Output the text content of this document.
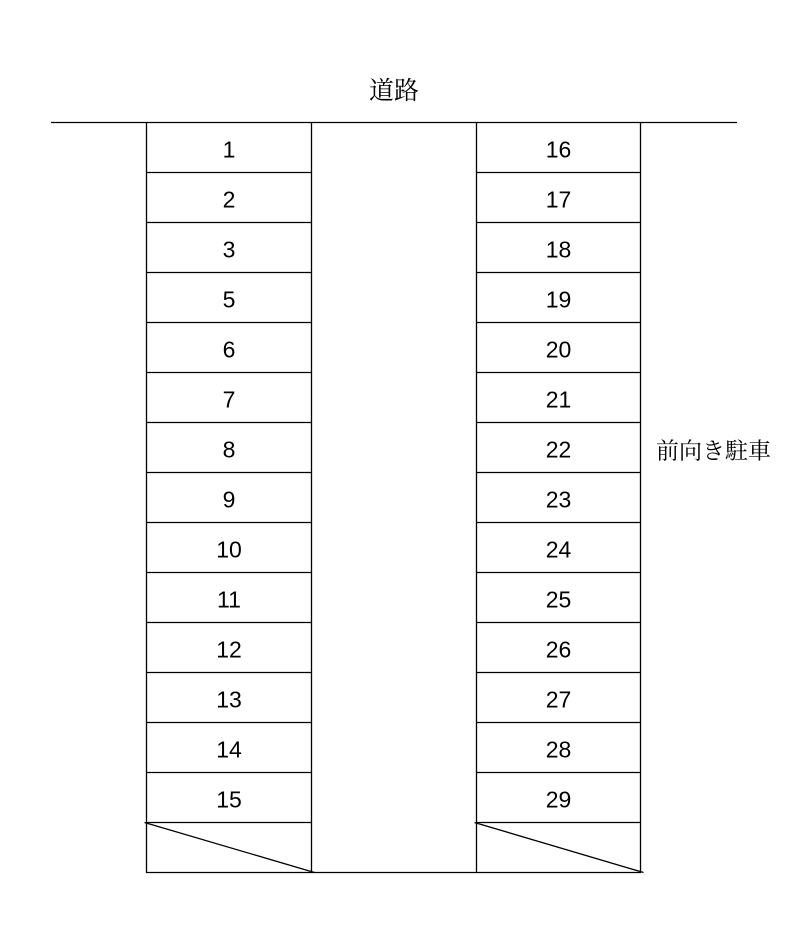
道路
前向き駐車
1
2
3
5
6
7
8
9
10
11
12
13
14
15
16
17
18
19
20
21
22
23
24
25
26
27
28
29
